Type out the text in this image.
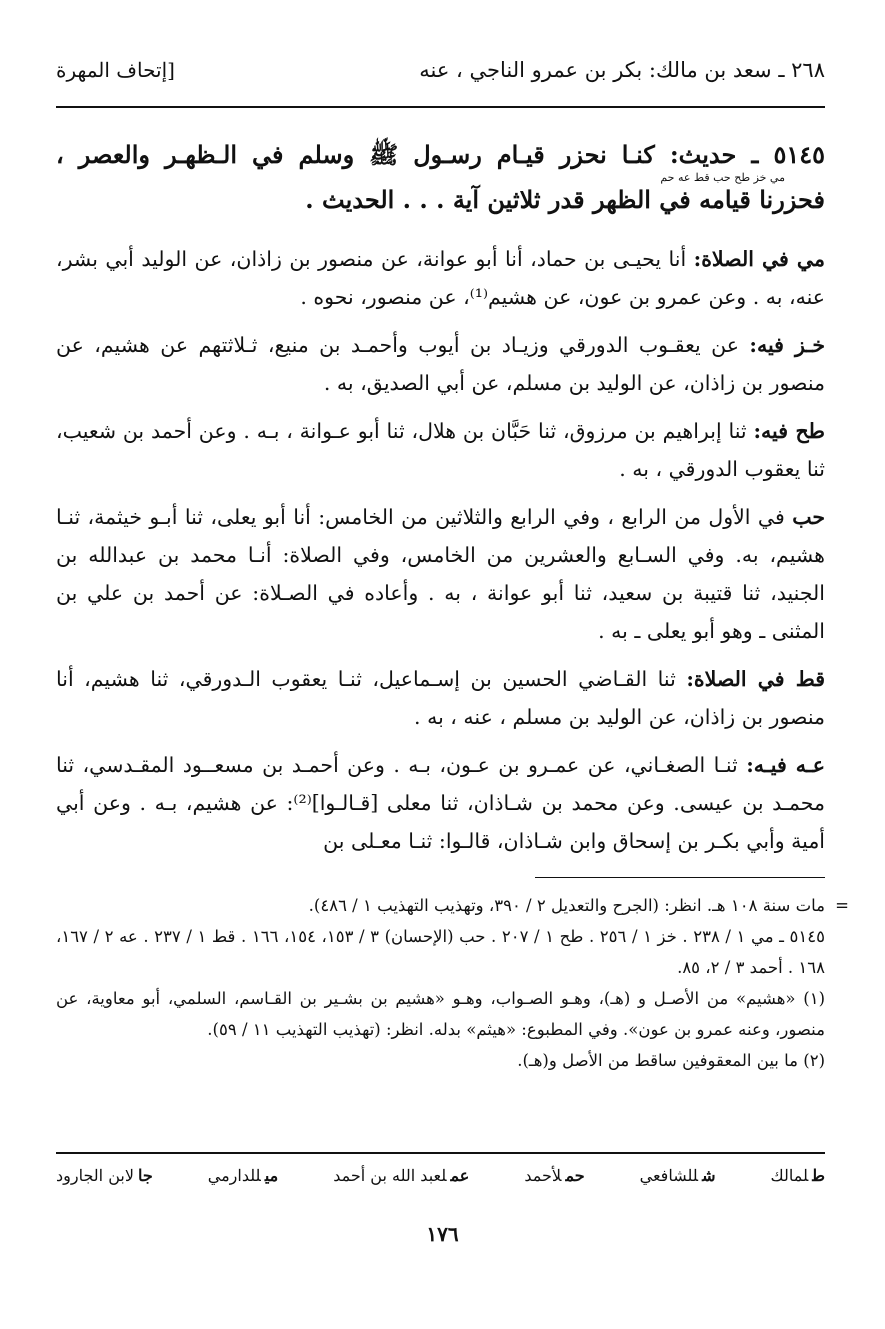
٢٦٨ ـ سعد بن مالك: بكر بن عمرو الناجي ، عنه
[إتحاف المهرة
٥١٤٥ ـ حديث: كنـا نحزر قيـام رسـول ﷺ وسلم في الـظهـر والعصر ،
مي خز طح حب قط عه حم
فحزرنا قيامه في الظهر قدر ثلاثين آية . . . الحديث .

مي في الصلاة: أنا يحيـى بن حماد، أنا أبو عوانة، عن منصور بن زاذان، عن الوليد أبي بشر، عنه، به . وعن عمرو بن عون، عن هشيم⁽¹⁾، عن منصور، نحوه .

خـز فيه: عن يعقـوب الدورقي وزيـاد بن أيوب وأحمـد بن منيع، ثـلاثتهم عن هشيم، عن منصور بن زاذان، عن الوليد بن مسلم، عن أبي الصديق، به .

طح فيه: ثنا إبراهيم بن مرزوق، ثنا حَبَّان بن هلال، ثنا أبو عـوانة ، بـه . وعن أحمد بن شعيب، ثنا يعقوب الدورقي ، به .

حب في الأول من الرابع ، وفي الرابع والثلاثين من الخامس: أنا أبو يعلى، ثنا أبـو خيثمة، ثنـا هشيم، به. وفي السـابع والعشرين من الخامس، وفي الصلاة: أنـا محمد بن عبدالله بن الجنيد، ثنا قتيبة بن سعيد، ثنا أبو عوانة ، به . وأعاده في الصـلاة: عن أحمد بن علي بن المثنى ـ وهو أبو يعلى ـ به .

قط في الصلاة: ثنا القـاضي الحسين بن إسـماعيل، ثنـا يعقوب الـدورقي، ثنا هشيم، أنا منصور بن زاذان، عن الوليد بن مسلم ، عنه ، به .

عـه فيـه: ثنـا الصغـاني، عن عمـرو بن عـون، بـه . وعن أحمـد بن مسعــود المقـدسي، ثنا محمـد بن عيسى. وعن محمد بن شـاذان، ثنا معلى [قـالـوا]⁽²⁾: عن هشيم، بـه . وعن أبي أمية وأبي بكـر بن إسحاق وابن شـاذان، قالـوا: ثنـا معـلى بن

=

مات سنة ١٠٨ هـ. انظر: (الجرح والتعديل ٢ / ٣٩٠، وتهذيب التهذيب ١ / ٤٨٦).

٥١٤٥ ـ مي ١ / ٢٣٨ . خز ١ / ٢٥٦ . طح ١ / ٢٠٧ . حب (الإحسان) ٣ / ١٥٣، ١٥٤، ١٦٦ . قط ١ / ٢٣٧ . عه ٢ / ١٦٧، ١٦٨ . أحمد ٣ / ٢، ٨٥.

(١) «هشيم» من الأصـل و (هـ)، وهـو الصـواب، وهـو «هشيم بن بشـير بن القـاسم، السلمي، أبو معاوية، عن منصور، وعنه عمرو بن عون». وفي المطبوع: «هيثم» بدله. انظر: (تهذيب التهذيب ١١ / ٥٩).

(٢) ما بين المعقوفين ساقط من الأصل و(هـ).

طلمالك
شللشافعي
حملأحمد
عملعبد الله بن أحمد
ميللدارمي
جالابن الجارود
١٧٦
